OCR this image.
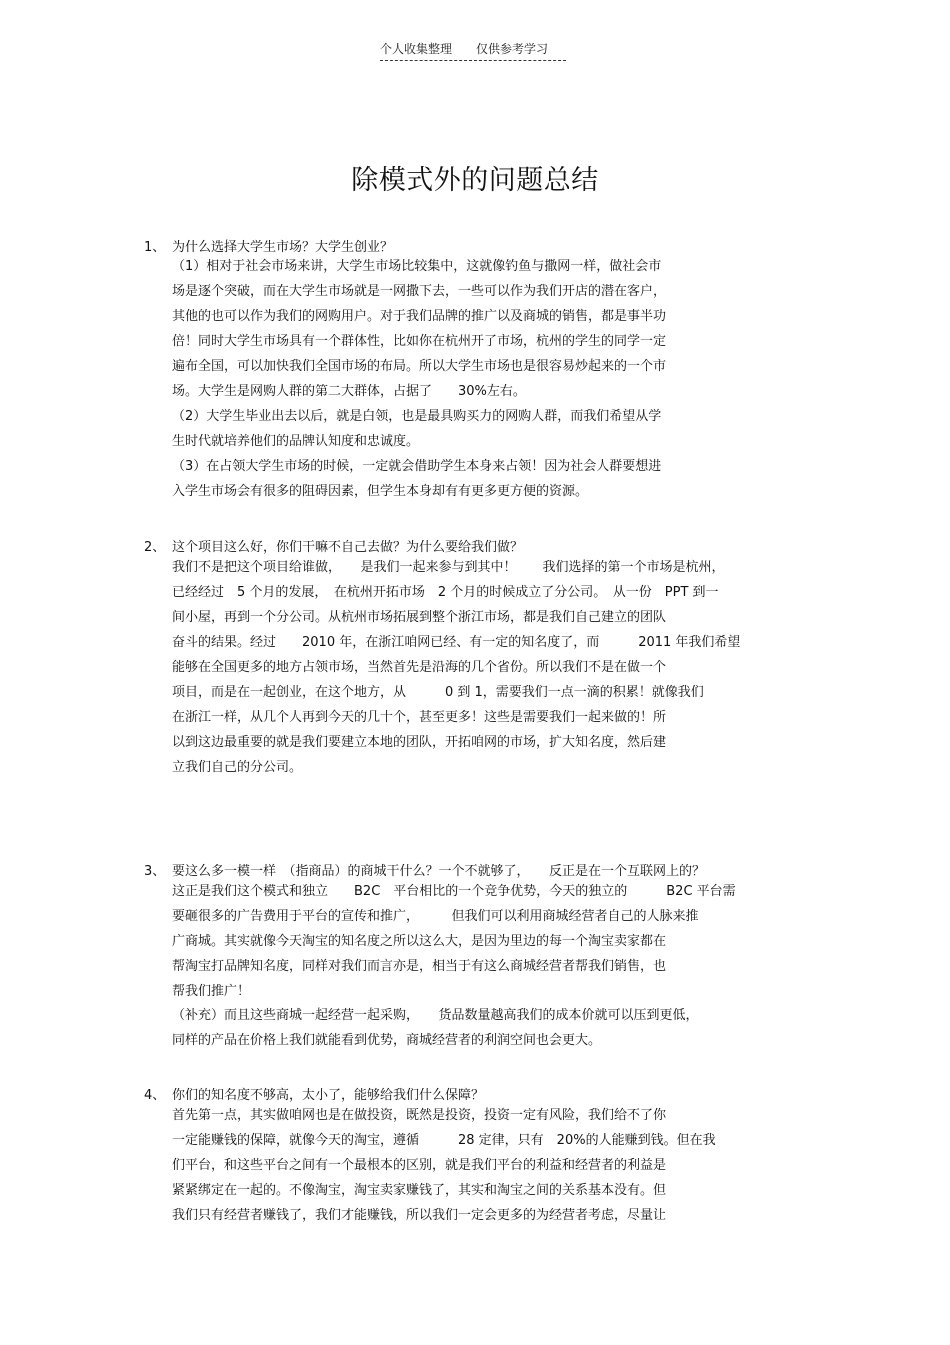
个人收集整理 仅供参考学习
除模式外的问题总结
1、 为什么选择大学生市场？大学生创业？
（1）相对于社会市场来讲，大学生市场比较集中，这就像钓鱼与撒网一样，做社会市
场是逐个突破，而在大学生市场就是一网撒下去，一些可以作为我们开店的潜在客户，
其他的也可以作为我们的网购用户。对于我们品牌的推广以及商城的销售，都是事半功
倍！同时大学生市场具有一个群体性，比如你在杭州开了市场，杭州的学生的同学一定
遍布全国，可以加快我们全国市场的布局。所以大学生市场也是很容易炒起来的一个市
场。大学生是网购人群的第二大群体，占据了　　30%左右。
（2）大学生毕业出去以后，就是白领，也是最具购买力的网购人群，而我们希望从学
生时代就培养他们的品牌认知度和忠诚度。
（3）在占领大学生市场的时候，一定就会借助学生本身来占领！因为社会人群要想进
入学生市场会有很多的阻碍因素，但学生本身却有有更多更方便的资源。
2、 这个项目这么好，你们干嘛不自己去做？为什么要给我们做？
我们不是把这个项目给谁做，　　是我们一起来参与到其中！　　我们选择的第一个市场是杭州，
已经经过　5 个月的发展，　在杭州开拓市场　2 个月的时候成立了分公司。　从一份　PPT 到一
间小屋，再到一个分公司。从杭州市场拓展到整个浙江市场，都是我们自己建立的团队
奋斗的结果。经过　　2010 年，在浙江咱网已经、有一定的知名度了，而　　　2011 年我们希望
能够在全国更多的地方占领市场，当然首先是沿海的几个省份。所以我们不是在做一个
项目，而是在一起创业，在这个地方，从　　　0 到 1，需要我们一点一滴的积累！就像我们
在浙江一样，从几个人再到今天的几十个，甚至更多！这些是需要我们一起来做的！所
以到这边最重要的就是我们要建立本地的团队，开拓咱网的市场，扩大知名度，然后建
立我们自己的分公司。
3、 要这么多一模一样　（指商品）的商城干什么？一个不就够了，　　反正是在一个互联网上的？
这正是我们这个模式和独立　　B2C　平台相比的一个竞争优势，今天的独立的　　　B2C 平台需
要砸很多的广告费用于平台的宣传和推广，　　　但我们可以利用商城经营者自己的人脉来推
广商城。其实就像今天淘宝的知名度之所以这么大，是因为里边的每一个淘宝卖家都在
帮淘宝打品牌知名度，同样对我们而言亦是，相当于有这么商城经营者帮我们销售，也
帮我们推广！
（补充）而且这些商城一起经营一起采购，　　货品数量越高我们的成本价就可以压到更低，
同样的产品在价格上我们就能看到优势，商城经营者的利润空间也会更大。
4、 你们的知名度不够高，太小了，能够给我们什么保障？
首先第一点，其实做咱网也是在做投资，既然是投资，投资一定有风险，我们给不了你
一定能赚钱的保障，就像今天的淘宝，遵循　　　28 定律，只有　20%的人能赚到钱。但在我
们平台，和这些平台之间有一个最根本的区别，就是我们平台的利益和经营者的利益是
紧紧绑定在一起的。不像淘宝，淘宝卖家赚钱了，其实和淘宝之间的关系基本没有。但
我们只有经营者赚钱了，我们才能赚钱，所以我们一定会更多的为经营者考虑，尽量让
